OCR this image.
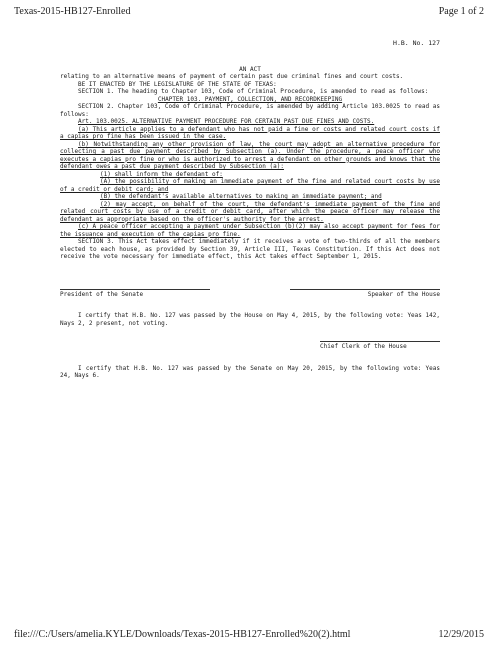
Texas-2015-HB127-Enrolled	Page 1 of 2
H.B. No. 127
AN ACT

relating to an alternative means of payment of certain past due criminal fines and court costs.

BE IT ENACTED BY THE LEGISLATURE OF THE STATE OF TEXAS:

SECTION 1. The heading to Chapter 103, Code of Criminal Procedure, is amended to read as follows:

CHAPTER 103. PAYMENT, COLLECTION, AND RECORDKEEPING

SECTION 2. Chapter 103, Code of Criminal Procedure, is amended by adding Article 103.0025 to read as follows:

Art. 103.0025. ALTERNATIVE PAYMENT PROCEDURE FOR CERTAIN PAST DUE FINES AND COSTS.

(a) This article applies to a defendant who has not paid a fine or costs and related court costs if a capias pro fine has been issued in the case.

(b) Notwithstanding any other provision of law, the court may adopt an alternative procedure for collecting a past due payment described by Subsection (a). Under the procedure, a peace officer who executes a capias pro fine or who is authorized to arrest a defendant on other grounds and knows that the defendant owes a past due payment described by Subsection (a):

(1) shall inform the defendant of:

(A) the possibility of making an immediate payment of the fine and related court costs by use of a credit or debit card; and

(B) the defendant's available alternatives to making an immediate payment; and

(2) may accept, on behalf of the court, the defendant's immediate payment of the fine and related court costs by use of a credit or debit card, after which the peace officer may release the defendant as appropriate based on the officer's authority for the arrest.

(c) A peace officer accepting a payment under Subsection (b)(2) may also accept payment for fees for the issuance and execution of the capias pro fine.

SECTION 3. This Act takes effect immediately if it receives a vote of two-thirds of all the members elected to each house, as provided by Section 39, Article III, Texas Constitution. If this Act does not receive the vote necessary for immediate effect, this Act takes effect September 1, 2015.

President of the Senate	Speaker of the House

I certify that H.B. No. 127 was passed by the House on May 4, 2015, by the following vote: Yeas 142, Nays 2, 2 present, not voting.

Chief Clerk of the House

I certify that H.B. No. 127 was passed by the Senate on May 20, 2015, by the following vote: Yeas 24, Nays 6.

file:///C:/Users/amelia.KYLE/Downloads/Texas-2015-HB127-Enrolled%20(2).html	12/29/2015
